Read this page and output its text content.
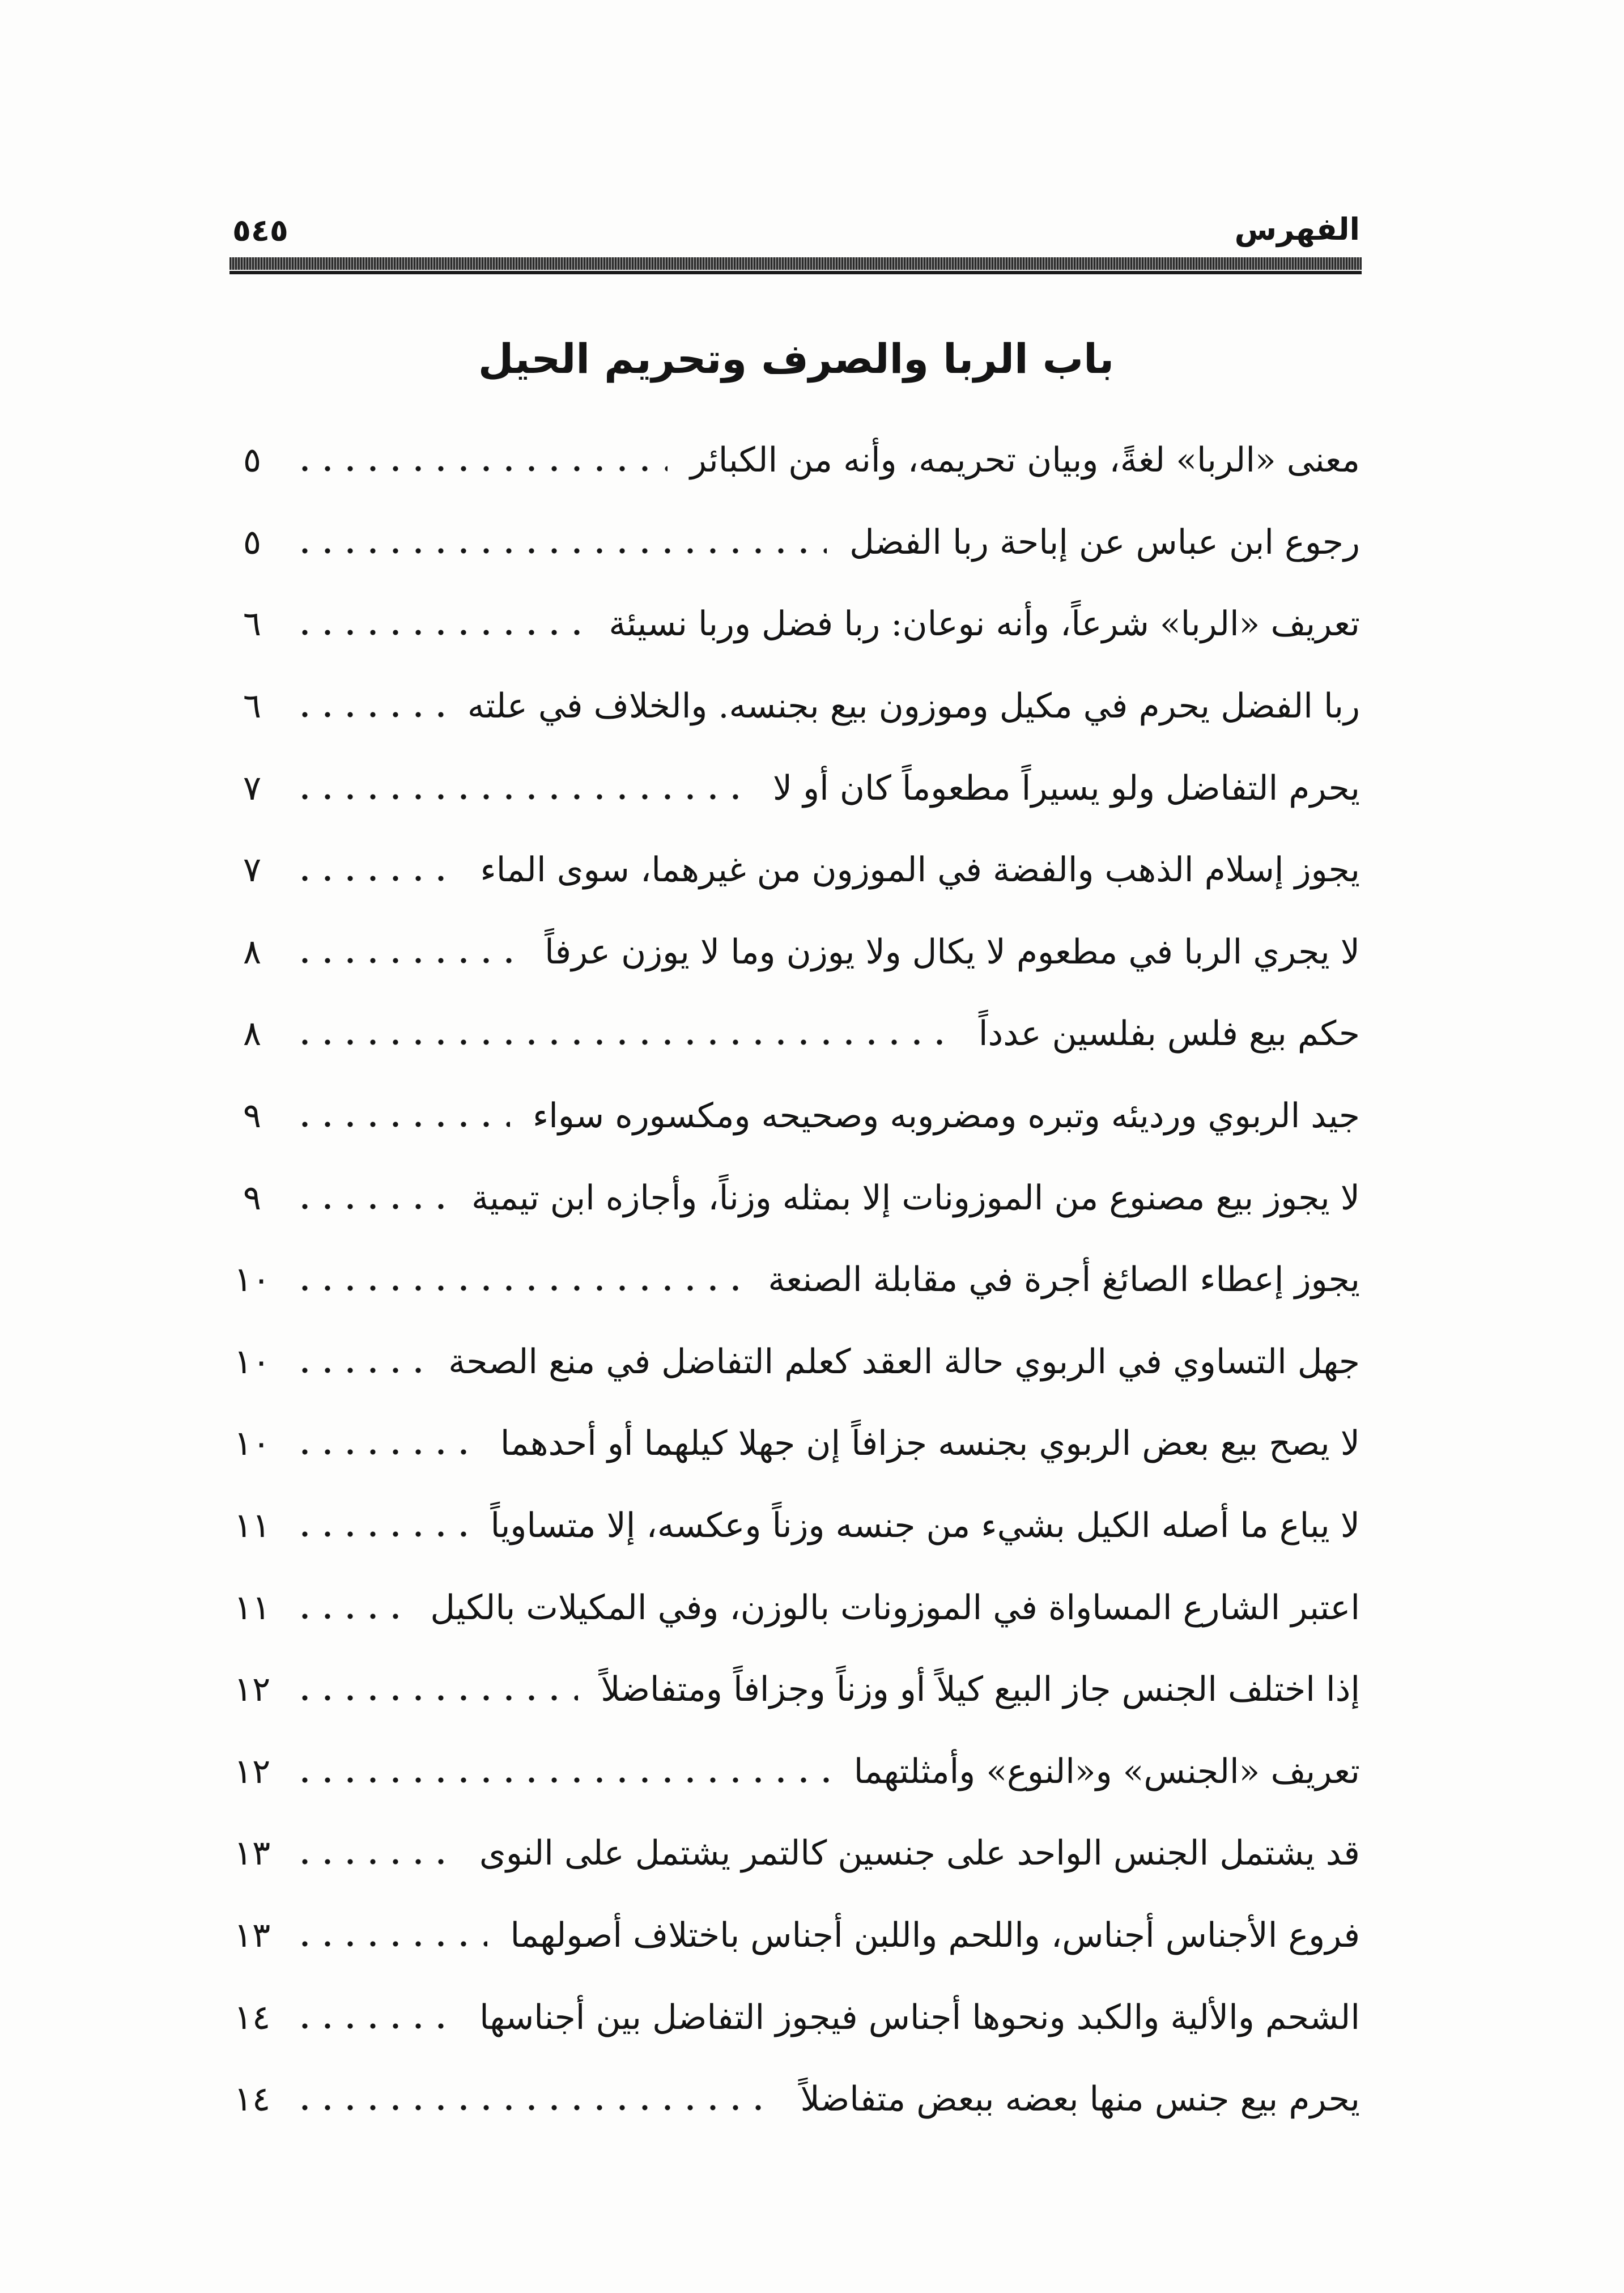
الفهرس
٥٤٥
باب الربا والصرف وتحريم الحيل
معنى «الربا» لغةً، وبيان تحريمه، وأنه من الكبائر
٥
رجوع ابن عباس عن إباحة ربا الفضل
٥
تعريف «الربا» شرعاً، وأنه نوعان: ربا فضل وربا نسيئة
٦
ربا الفضل يحرم في مكيل وموزون بيع بجنسه. والخلاف في علته
٦
يحرم التفاضل ولو يسيراً مطعوماً كان أو لا
٧
يجوز إسلام الذهب والفضة في الموزون من غيرهما، سوى الماء
٧
لا يجري الربا في مطعوم لا يكال ولا يوزن وما لا يوزن عرفاً
٨
حكم بيع فلس بفلسين عدداً
٨
جيد الربوي ورديئه وتبره ومضروبه وصحيحه ومكسوره سواء
٩
لا يجوز بيع مصنوع من الموزونات إلا بمثله وزناً، وأجازه ابن تيمية
٩
يجوز إعطاء الصائغ أجرة في مقابلة الصنعة
١٠
جهل التساوي في الربوي حالة العقد كعلم التفاضل في منع الصحة
١٠
لا يصح بيع بعض الربوي بجنسه جزافاً إن جهلا كيلهما أو أحدهما
١٠
لا يباع ما أصله الكيل بشيء من جنسه وزناً وعكسه، إلا متساوياً
١١
اعتبر الشارع المساواة في الموزونات بالوزن، وفي المكيلات بالكيل
١١
إذا اختلف الجنس جاز البيع كيلاً أو وزناً وجزافاً ومتفاضلاً
١٢
تعريف «الجنس» و«النوع» وأمثلتهما
١٢
قد يشتمل الجنس الواحد على جنسين كالتمر يشتمل على النوى
١٣
فروع الأجناس أجناس، واللحم واللبن أجناس باختلاف أصولهما
١٣
الشحم والألية والكبد ونحوها أجناس فيجوز التفاضل بين أجناسها
١٤
يحرم بيع جنس منها بعضه ببعض متفاضلاً
١٤
